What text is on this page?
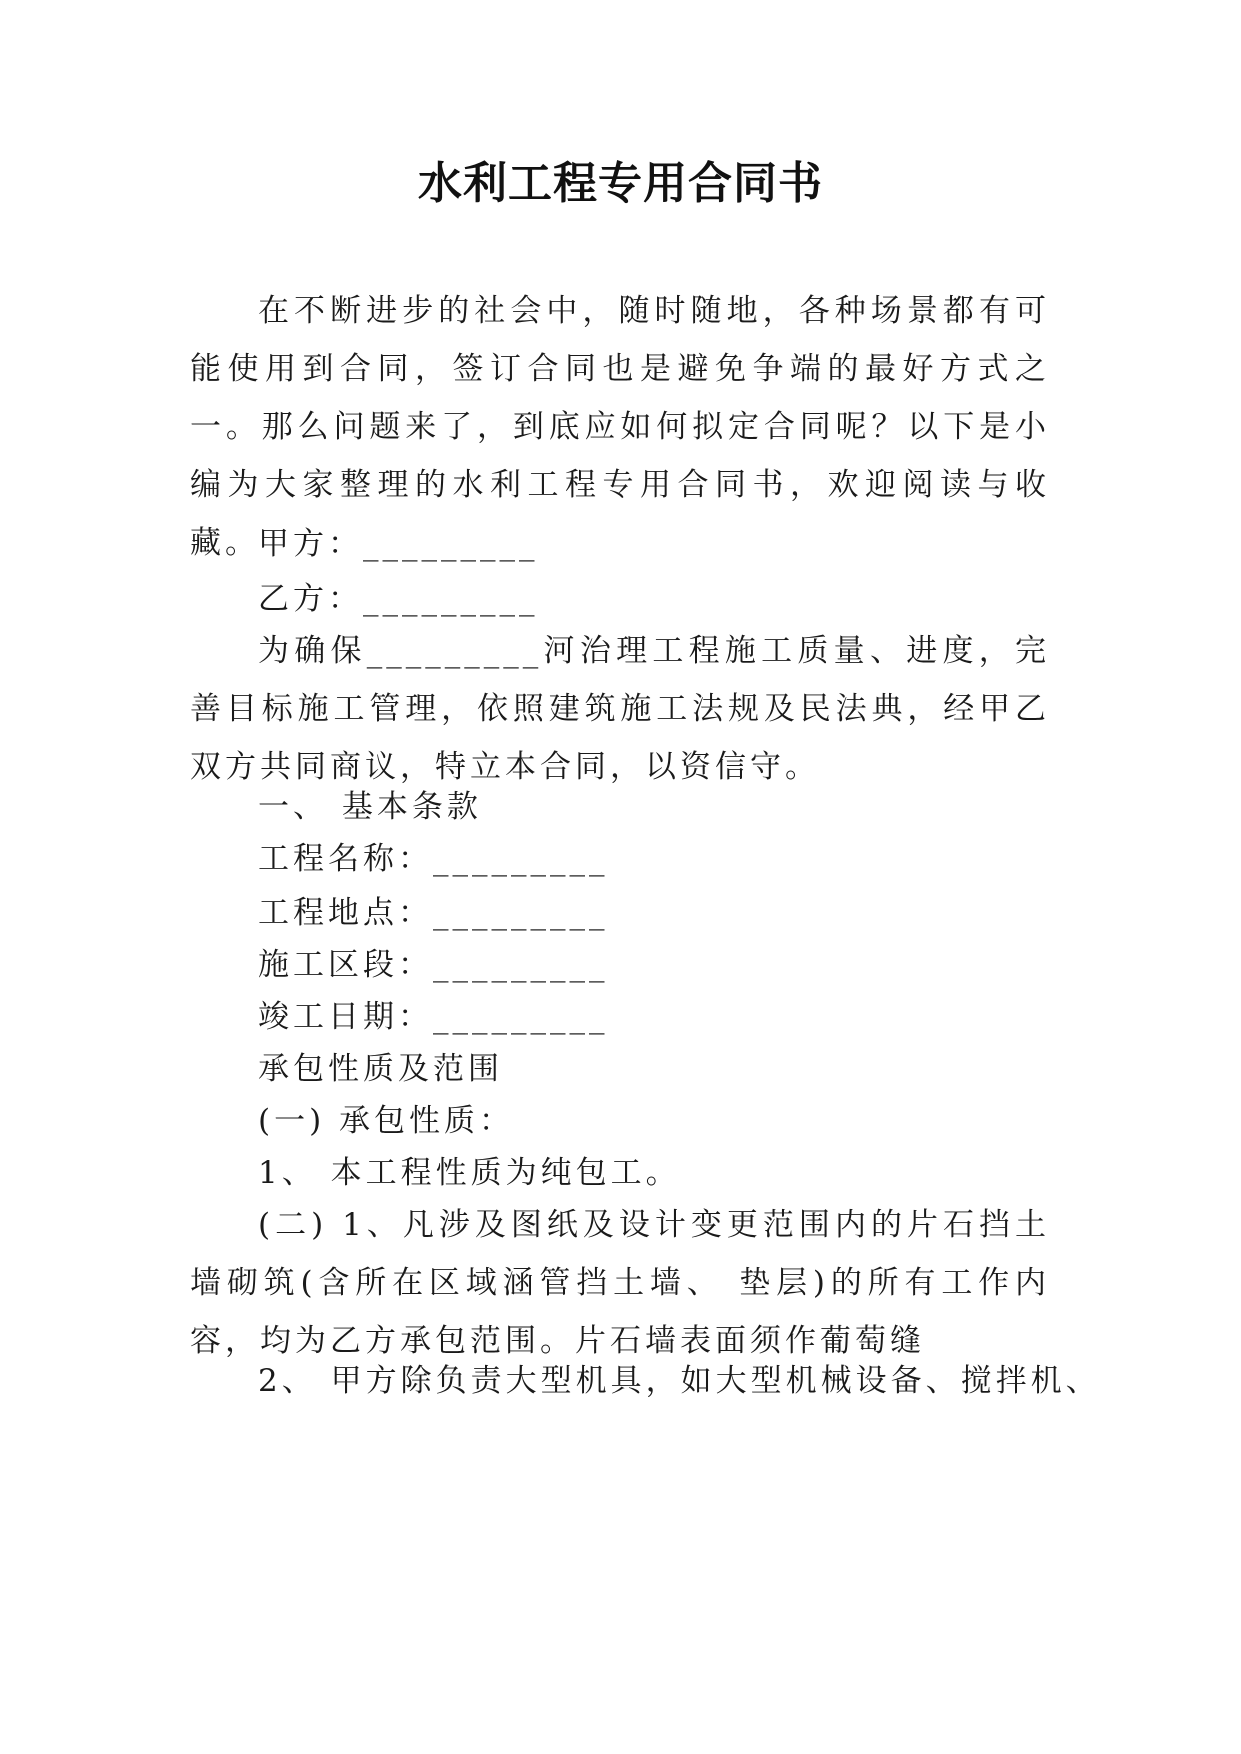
水利工程专用合同书
在不断进步的社会中，随时随地，各种场景都有可能使用到合同，签订合同也是避免争端的最好方式之一。那么问题来了，到底应如何拟定合同呢？以下是小编为大家整理的水利工程专用合同书，欢迎阅读与收藏。
甲方：_________
乙方：_________
为确保_________河治理工程施工质量、进度，完善目标施工管理，依照建筑施工法规及民法典，经甲乙双方共同商议，特立本合同，以资信守。
一、 基本条款
工程名称：_________
工程地点：_________
施工区段：_________
竣工日期：_________
承包性质及范围
(一) 承包性质：
1、 本工程性质为纯包工。
(二) 1、凡涉及图纸及设计变更范围内的片石挡土墙砌筑(含所在区域涵管挡土墙、 垫层)的所有工作内容，均为乙方承包范围。片石墙表面须作葡萄缝
2、 甲方除负责大型机具，如大型机械设备、搅拌机、
